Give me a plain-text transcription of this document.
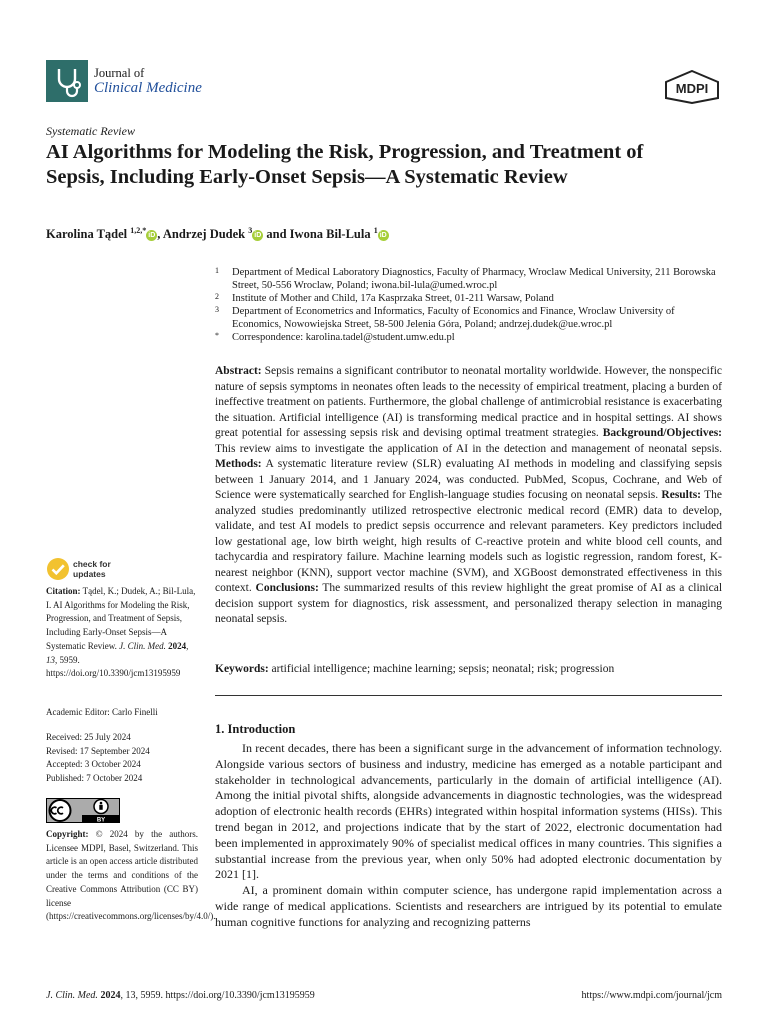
Journal of
Clinical Medicine	MDPI
Systematic Review
AI Algorithms for Modeling the Risk, Progression, and Treatment of Sepsis, Including Early-Onset Sepsis—A Systematic Review
Karolina Tądel $^{1,2,*}$iD , Andrzej Dudek $^3$iD and Iwona Bil-Lula $^1$iD
1 Department of Medical Laboratory Diagnostics, Faculty of Pharmacy, Wroclaw Medical University, 211 Borowska Street, 50-556 Wroclaw, Poland; iwona.bil-lula@umed.wroc.pl
2 Institute of Mother and Child, 17a Kasprzaka Street, 01-211 Warsaw, Poland
3 Department of Econometrics and Informatics, Faculty of Economics and Finance, Wroclaw University of Economics, Nowowiejska Street, 58-500 Jelenia Góra, Poland; andrzej.dudek@ue.wroc.pl
* Correspondence: karolina.tadel@student.umw.edu.pl
Abstract: Sepsis remains a significant contributor to neonatal mortality worldwide. However, the nonspecific nature of sepsis symptoms in neonates often leads to the necessity of empirical treatment, placing a burden of ineffective treatment on patients. Furthermore, the global challenge of antimicrobial resistance is exacerbating the situation. Artificial intelligence (AI) is transforming medical practice and in hospital settings. AI shows great potential for assessing sepsis risk and devising optimal treatment strategies. Background/Objectives: This review aims to investigate the application of AI in the detection and management of neonatal sepsis. Methods: A systematic literature review (SLR) evaluating AI methods in modeling and classifying sepsis between 1 January 2014, and 1 January 2024, was conducted. PubMed, Scopus, Cochrane, and Web of Science were systematically searched for English-language studies focusing on neonatal sepsis. Results: The analyzed studies predominantly utilized retrospective electronic medical record (EMR) data to develop, validate, and test AI models to predict sepsis occurrence and relevant parameters. Key predictors included low gestational age, low birth weight, high results of C-reactive protein and white blood cell counts, and tachycardia and respiratory failure. Machine learning models such as logistic regression, random forest, K-nearest neighbor (KNN), support vector machine (SVM), and XGBoost demonstrated effectiveness in this context. Conclusions: The summarized results of this review highlight the great promise of AI as a clinical decision support system for diagnostics, risk assessment, and personalized therapy selection in managing neonatal sepsis.
Keywords: artificial intelligence; machine learning; sepsis; neonatal; risk; progression
1. Introduction

In recent decades, there has been a significant surge in the advancement of information technology. Alongside various sectors of business and industry, medicine has emerged as a notable participant and stakeholder in technological advancements, particularly in the domain of artificial intelligence (AI). Among the initial pivotal shifts, alongside advancements in diagnostic technologies, was the widespread adoption of electronic health records (EHRs) integrated within hospital information systems (HISs). This trend began in 2012, and projections indicate that by the start of 2022, electronic documentation had been implemented in approximately 90% of specialist medical offices in many countries. This signifies a substantial increase from the previous year, when only 50% had adopted electronic documentation by 2021 [1].

AI, a prominent domain within computer science, has undergone rapid implementation across a wide range of medical applications. Scientists and researchers are intrigued by its potential to emulate human cognitive functions for analyzing and recognizing patterns

check for
updates
Citation: Tądel, K.; Dudek, A.; Bil-Lula, I. AI Algorithms for Modeling the Risk, Progression, and Treatment of Sepsis, Including Early-Onset Sepsis—A Systematic Review. J. Clin. Med. 2024, 13, 5959. https://doi.org/10.3390/jcm13195959
Academic Editor: Carlo Finelli
Received: 25 July 2024
Revised: 17 September 2024
Accepted: 3 October 2024
Published: 7 October 2024
BY
Copyright: © 2024 by the authors. Licensee MDPI, Basel, Switzerland. This article is an open access article distributed under the terms and conditions of the Creative Commons Attribution (CC BY) license (https://creativecommons.org/licenses/by/4.0/).
J. Clin. Med. 2024, 13, 5959. https://doi.org/10.3390/jcm13195959	https://www.mdpi.com/journal/jcm
